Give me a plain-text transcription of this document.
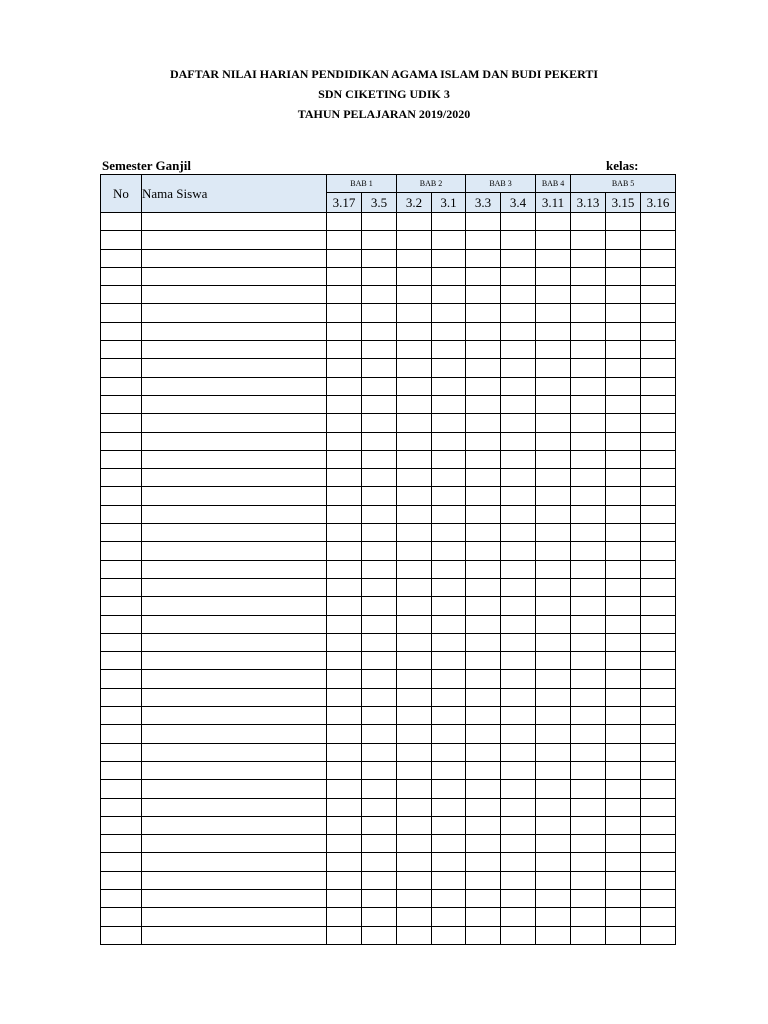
DAFTAR NILAI HARIAN PENDIDIKAN AGAMA ISLAM DAN BUDI PEKERTI
SDN CIKETING UDIK 3
TAHUN PELAJARAN 2019/2020
Semester Ganjil	kelas:
No	Nama Siswa	BAB 1		BAB 2		BAB 3		BAB 4	BAB 5		
		3.17	3.5	3.2	3.1	3.3	3.4	3.11	3.13	3.15	3.16
